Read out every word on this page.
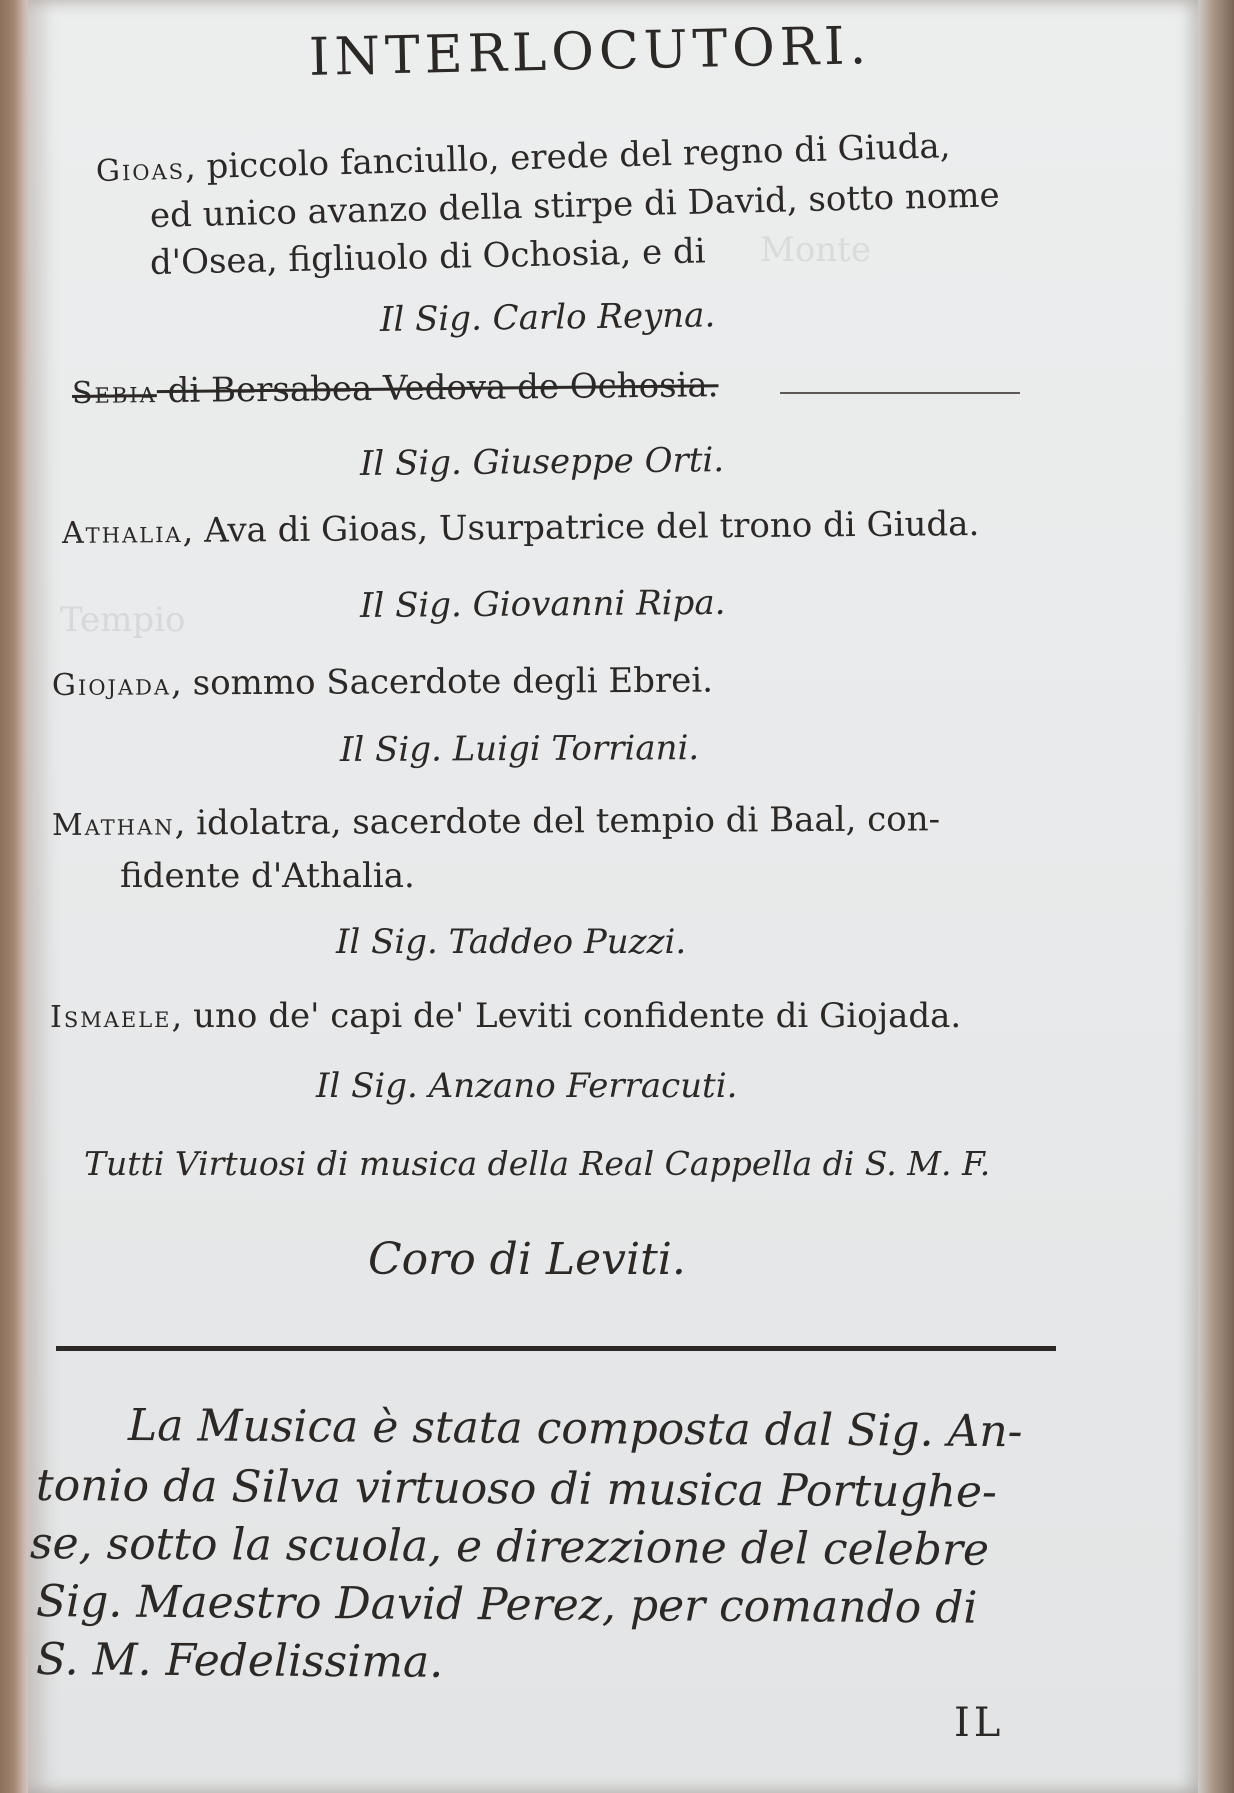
Monte
Tempio
INTERLOCUTORI.
Gioas, piccolo fanciullo, erede del regno di Giuda,
ed unico avanzo della stirpe di David, sotto nome
d'Osea, figliuolo di Ochosia, e di
Il Sig. Carlo Reyna.
Sebia di Bersabea Vedova de Ochosia.
Il Sig. Giuseppe Orti.
Athalia, Ava di Gioas, Usurpatrice del trono di Giuda.
Il Sig. Giovanni Ripa.
Giojada, sommo Sacerdote degli Ebrei.
Il Sig. Luigi Torriani.
Mathan, idolatra, sacerdote del tempio di Baal, con-
fidente d'Athalia.
Il Sig. Taddeo Puzzi.
Ismaele, uno de' capi de' Leviti confidente di Giojada.
Il Sig. Anzano Ferracuti.
Tutti Virtuosi di musica della Real Cappella di S. M. F.
Coro di Leviti.
La Musica è stata composta dal Sig. An-
tonio da Silva virtuoso di musica Portughe-
se, sotto la scuola, e direzzione del celebre
Sig. Maestro David Perez, per comando di
S. M. Fedelissima.
IL
